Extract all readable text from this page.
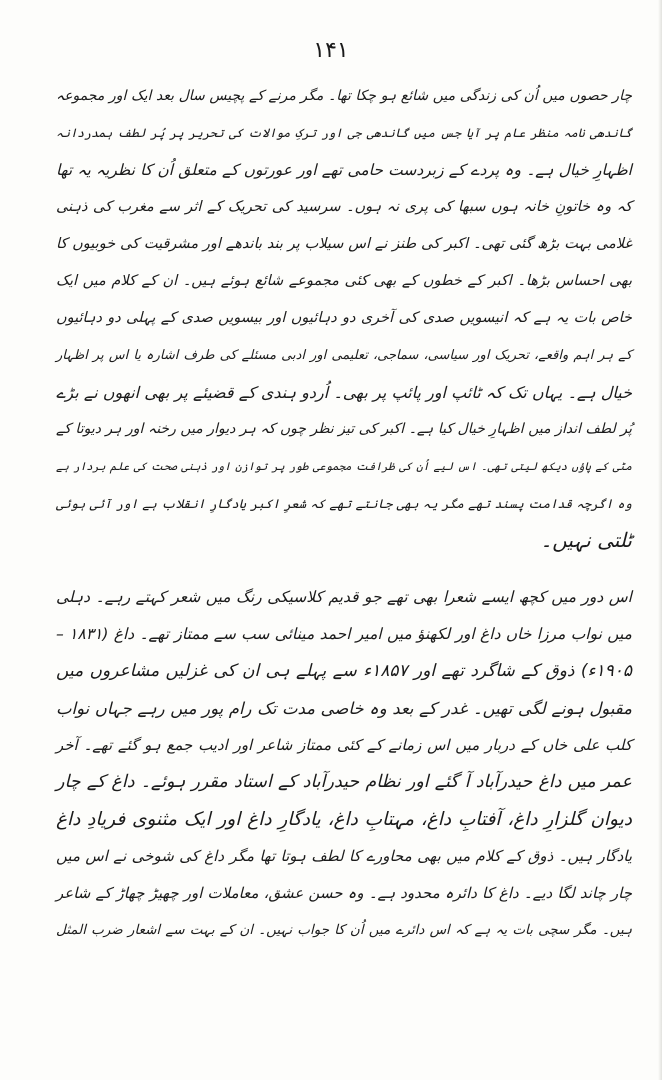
۱۴۱
چار حصوں میں اُن کی زندگی میں شائع ہو چکا تھا۔ مگر مرنے کے پچیس سال بعد ایک اور مجموعہ
گاندھی نامہ منظر عام پر آیا جس میں گاندھی جی اور ترکِ موالات کی تحریر پر پُر لطف ہمدردانہ
اظہارِ خیال ہے۔ وہ پردے کے زبردست حامی تھے اور عورتوں کے متعلق اُن کا نظریہ یہ تھا
کہ وہ خاتونِ خانہ ہوں سبھا کی پری نہ ہوں۔ سرسید کی تحریک کے اثر سے مغرب کی ذہنی
غلامی بہت بڑھ گئی تھی۔ اکبر کی طنز نے اس سیلاب پر بند باندھے اور مشرقیت کی خوبیوں کا
بھی احساس بڑھا۔ اکبر کے خطوں کے بھی کئی مجموعے شائع ہوئے ہیں۔ ان کے کلام میں ایک
خاص بات یہ ہے کہ انیسویں صدی کی آخری دو دہائیوں اور بیسویں صدی کے پہلی دو دہائیوں
کے ہر اہم واقعے، تحریک اور سیاسی، سماجی، تعلیمی اور ادبی مسئلے کی طرف اشارہ یا اس پر اظہار
خیال ہے۔ یہاں تک کہ ٹائپ اور پائپ پر بھی۔ اُردو ہندی کے قضیئے پر بھی انھوں نے بڑے
پُر لطف انداز میں اظہارِ خیال کیا ہے۔ اکبر کی تیز نظر چوں کہ ہر دیوار میں رخنہ اور ہر دیوتا کے
مٹی کے پاؤں دیکھ لیتی تھی۔ اس لیے اُن کی ظرافت مجموعی طور پر توازن اور ذہنی صحت کی علم بردار ہے
وہ اگرچہ قدامت پسند تھے مگر یہ بھی جانتے تھے کہ شعرِ اکبر یادگارِ انقلاب ہے اور آئی ہوئی
ٹلتی نہیں۔
اس دور میں کچھ ایسے شعرا بھی تھے جو قدیم کلاسیکی رنگ میں شعر کہتے رہے۔ دہلی
میں نواب مرزا خاں داغ اور لکھنؤ میں امیر احمد مینائی سب سے ممتاز تھے۔ داغ (۱۸۳۱ –
۱۹۰۵ء) ذوق کے شاگرد تھے اور ۱۸۵۷ء سے پہلے ہی ان کی غزلیں مشاعروں میں
مقبول ہونے لگی تھیں۔ غدر کے بعد وہ خاصی مدت تک رام پور میں رہے جہاں نواب
کلب علی خاں کے دربار میں اس زمانے کے کئی ممتاز شاعر اور ادیب جمع ہو گئے تھے۔ آخر
عمر میں داغ حیدرآباد آ گئے اور نظام حیدرآباد کے استاد مقرر ہوئے۔ داغ کے چار
دیوان گلزارِ داغ، آفتابِ داغ، مہتابِ داغ، یادگارِ داغ اور ایک مثنوی فریادِ داغ
یادگار ہیں۔ ذوق کے کلام میں بھی محاورے کا لطف ہوتا تھا مگر داغ کی شوخی نے اس میں
چار چاند لگا دیے۔ داغ کا دائرہ محدود ہے۔ وہ حسن عشق، معاملات اور چھیڑ چھاڑ کے شاعر
ہیں۔ مگر سچی بات یہ ہے کہ اس دائرے میں اُن کا جواب نہیں۔ ان کے بہت سے اشعار ضرب المثل
